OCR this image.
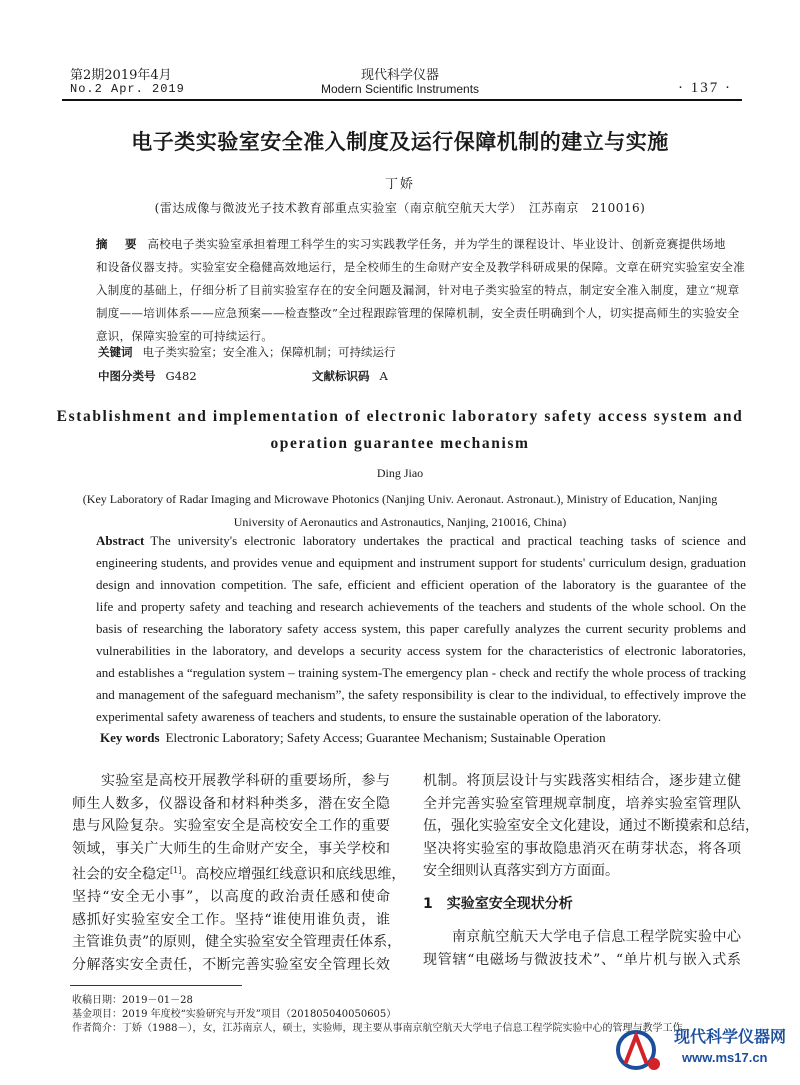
第2期2019年4月
No.2 Apr. 2019
现代科学仪器
Modern Scientific Instruments	· 137 ·
电子类实验室安全准入制度及运行保障机制的建立与实施
丁娇
(雷达成像与微波光子技术教育部重点实验室（南京航空航天大学）　江苏南京　210016)
摘　要 高校电子类实验室承担着理工科学生的实习实践教学任务，并为学生的课程设计、毕业设计、创新竞赛提供场地
和设备仪器支持。实验室安全稳健高效地运行，是全校师生的生命财产安全及教学科研成果的保障。文章在研究实验室安全准
入制度的基础上，仔细分析了目前实验室存在的安全问题及漏洞，针对电子类实验室的特点，制定安全准入制度，建立“规章
制度——培训体系——应急预案——检查整改”全过程跟踪管理的保障机制，安全责任明确到个人，切实提高师生的实验安全
意识，保障实验室的可持续运行。
关键词 电子类实验室；安全准入；保障机制；可持续运行
中图分类号 G482	文献标识码 A
Establishment and implementation of electronic laboratory safety access system and
operation guarantee mechanism
Ding Jiao
(Key Laboratory of Radar Imaging and Microwave Photonics (Nanjing Univ. Aeronaut. Astronaut.), Ministry of Education, Nanjing
University of Aeronautics and Astronautics, Nanjing, 210016, China)
Abstract The university's electronic laboratory undertakes the practical and practical teaching tasks of science and
engineering students, and provides venue and equipment and instrument support for students' curriculum design, graduation
design and innovation competition. The safe, efficient and efficient operation of the laboratory is the guarantee of the
life and property safety and teaching and research achievements of the teachers and students of the whole school. On the
basis of researching the laboratory safety access system, this paper carefully analyzes the current security problems and
vulnerabilities in the laboratory, and develops a security access system for the characteristics of electronic laboratories,
and establishes a “regulation system – training system-The emergency plan - check and rectify the whole process of tracking
and management of the safeguard mechanism”, the safety responsibility is clear to the individual, to effectively improve the
experimental safety awareness of teachers and students, to ensure the sustainable operation of the laboratory.
Key words Electronic Laboratory; Safety Access; Guarantee Mechanism; Sustainable Operation
　　实验室是高校开展教学科研的重要场所，参与
师生人数多，仪器设备和材料种类多，潜在安全隐
患与风险复杂。实验室安全是高校安全工作的重要
领域，事关广大师生的生命财产安全，事关学校和
社会的安全稳定[1]。高校应增强红线意识和底线思维，
坚持“安全无小事”，以高度的政治责任感和使命
感抓好实验室安全工作。坚持“谁使用谁负责，谁
主管谁负责”的原则，健全实验室安全管理责任体系，
分解落实安全责任，不断完善实验室安全管理长效
机制。将顶层设计与实践落实相结合，逐步建立健
全并完善实验室管理规章制度，培养实验室管理队
伍，强化实验室安全文化建设，通过不断摸索和总结，
坚决将实验室的事故隐患消灭在萌芽状态，将各项
安全细则认真落实到方方面面。
1　实验室安全现状分析
　　南京航空航天大学电子信息工程学院实验中心
现管辖“电磁场与微波技术”、“单片机与嵌入式系
收稿日期：2019－01－28
基金项目：2019 年度校“实验研究与开发”项目（201805040050605）
作者简介：丁娇（1988－），女，江苏南京人，硕士，实验师，现主要从事南京航空航天大学电子信息工程学院实验中心的管理与教学工作。
现代科学仪器网
www.ms17.cn
